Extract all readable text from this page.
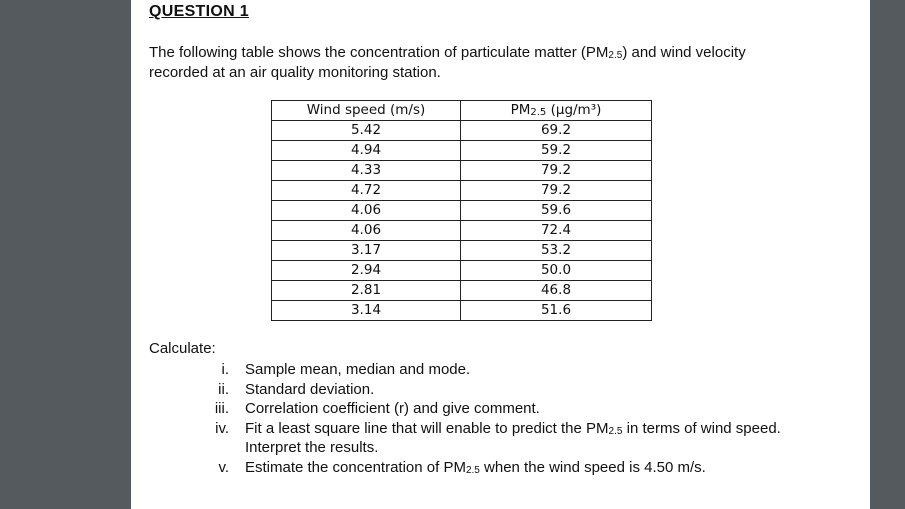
QUESTION 1
The following table shows the concentration of particulate matter $(PM_{2.5})$ and wind velocity recorded at an air quality monitoring station.
Wind speed (m/s)	$PM_{2.5}$ (μg/m³)
5.42	69.2
4.94	59.2
4.33	79.2
4.72	79.2
4.06	59.6
4.06	72.4
3.17	53.2
2.94	50.0
2.81	46.8
3.14	51.6
Calculate:
i.	Sample mean, median and mode.
ii.	Standard deviation.
iii.	Correlation coefficient (r) and give comment.
iv.	Fit a least square line that will enable to predict the $PM_{2.5}$ in terms of wind speed. Interpret the results.
v.	Estimate the concentration of $PM_{2.5}$ when the wind speed is 4.50 m/s.
